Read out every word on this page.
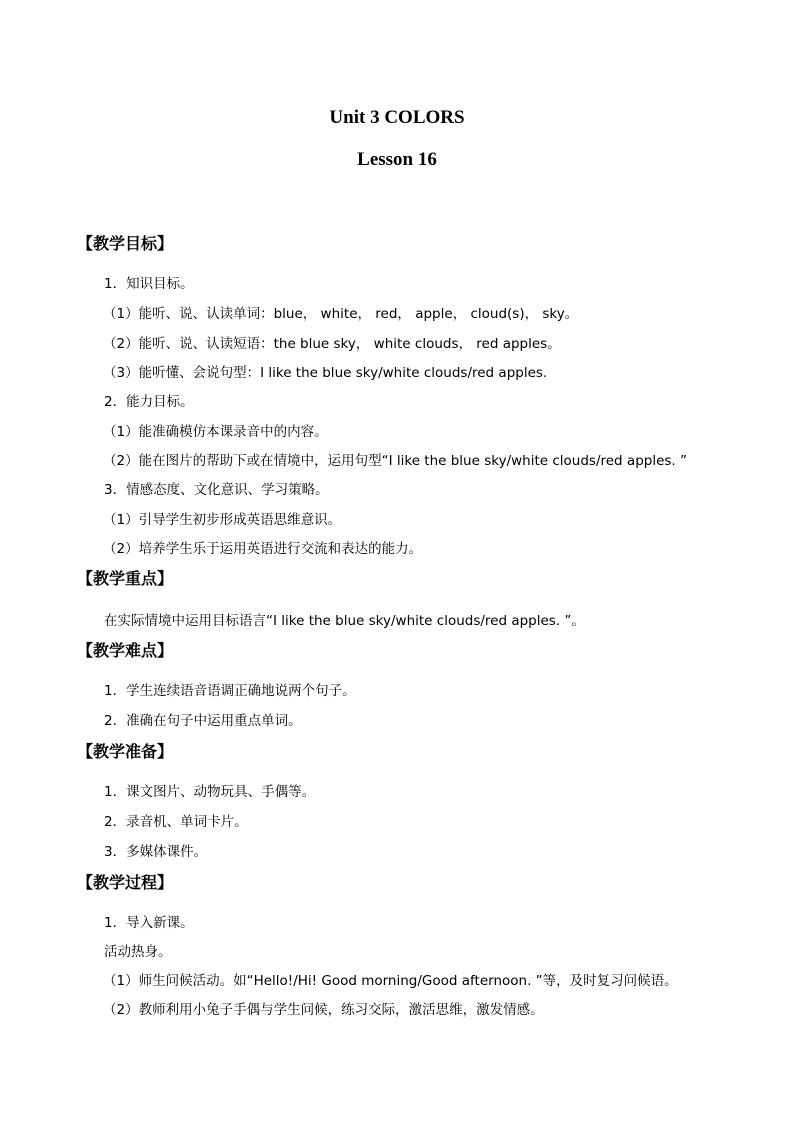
Unit 3 COLORS
Lesson 16
【教学目标】
1．知识目标。
（1）能听、说、认读单词：blue， white， red， apple， cloud(s)， sky。
（2）能听、说、认读短语：the blue sky， white clouds， red apples。
（3）能听懂、会说句型：I like the blue sky/white clouds/red apples.
2．能力目标。
（1）能准确模仿本课录音中的内容。
（2）能在图片的帮助下或在情境中，运用句型“I like the blue sky/white clouds/red apples. ”
3．情感态度、文化意识、学习策略。
（1）引导学生初步形成英语思维意识。
（2）培养学生乐于运用英语进行交流和表达的能力。
【教学重点】
在实际情境中运用目标语言“I like the blue sky/white clouds/red apples. ”。
【教学难点】
1．学生连续语音语调正确地说两个句子。
2．准确在句子中运用重点单词。
【教学准备】
1．课文图片、动物玩具、手偶等。
2．录音机、单词卡片。
3．多媒体课件。
【教学过程】
1．导入新课。
活动热身。
（1）师生问候活动。如“Hello!/Hi! Good morning/Good afternoon. ”等，及时复习问候语。
（2）教师利用小兔子手偶与学生问候，练习交际，激活思维，激发情感。
